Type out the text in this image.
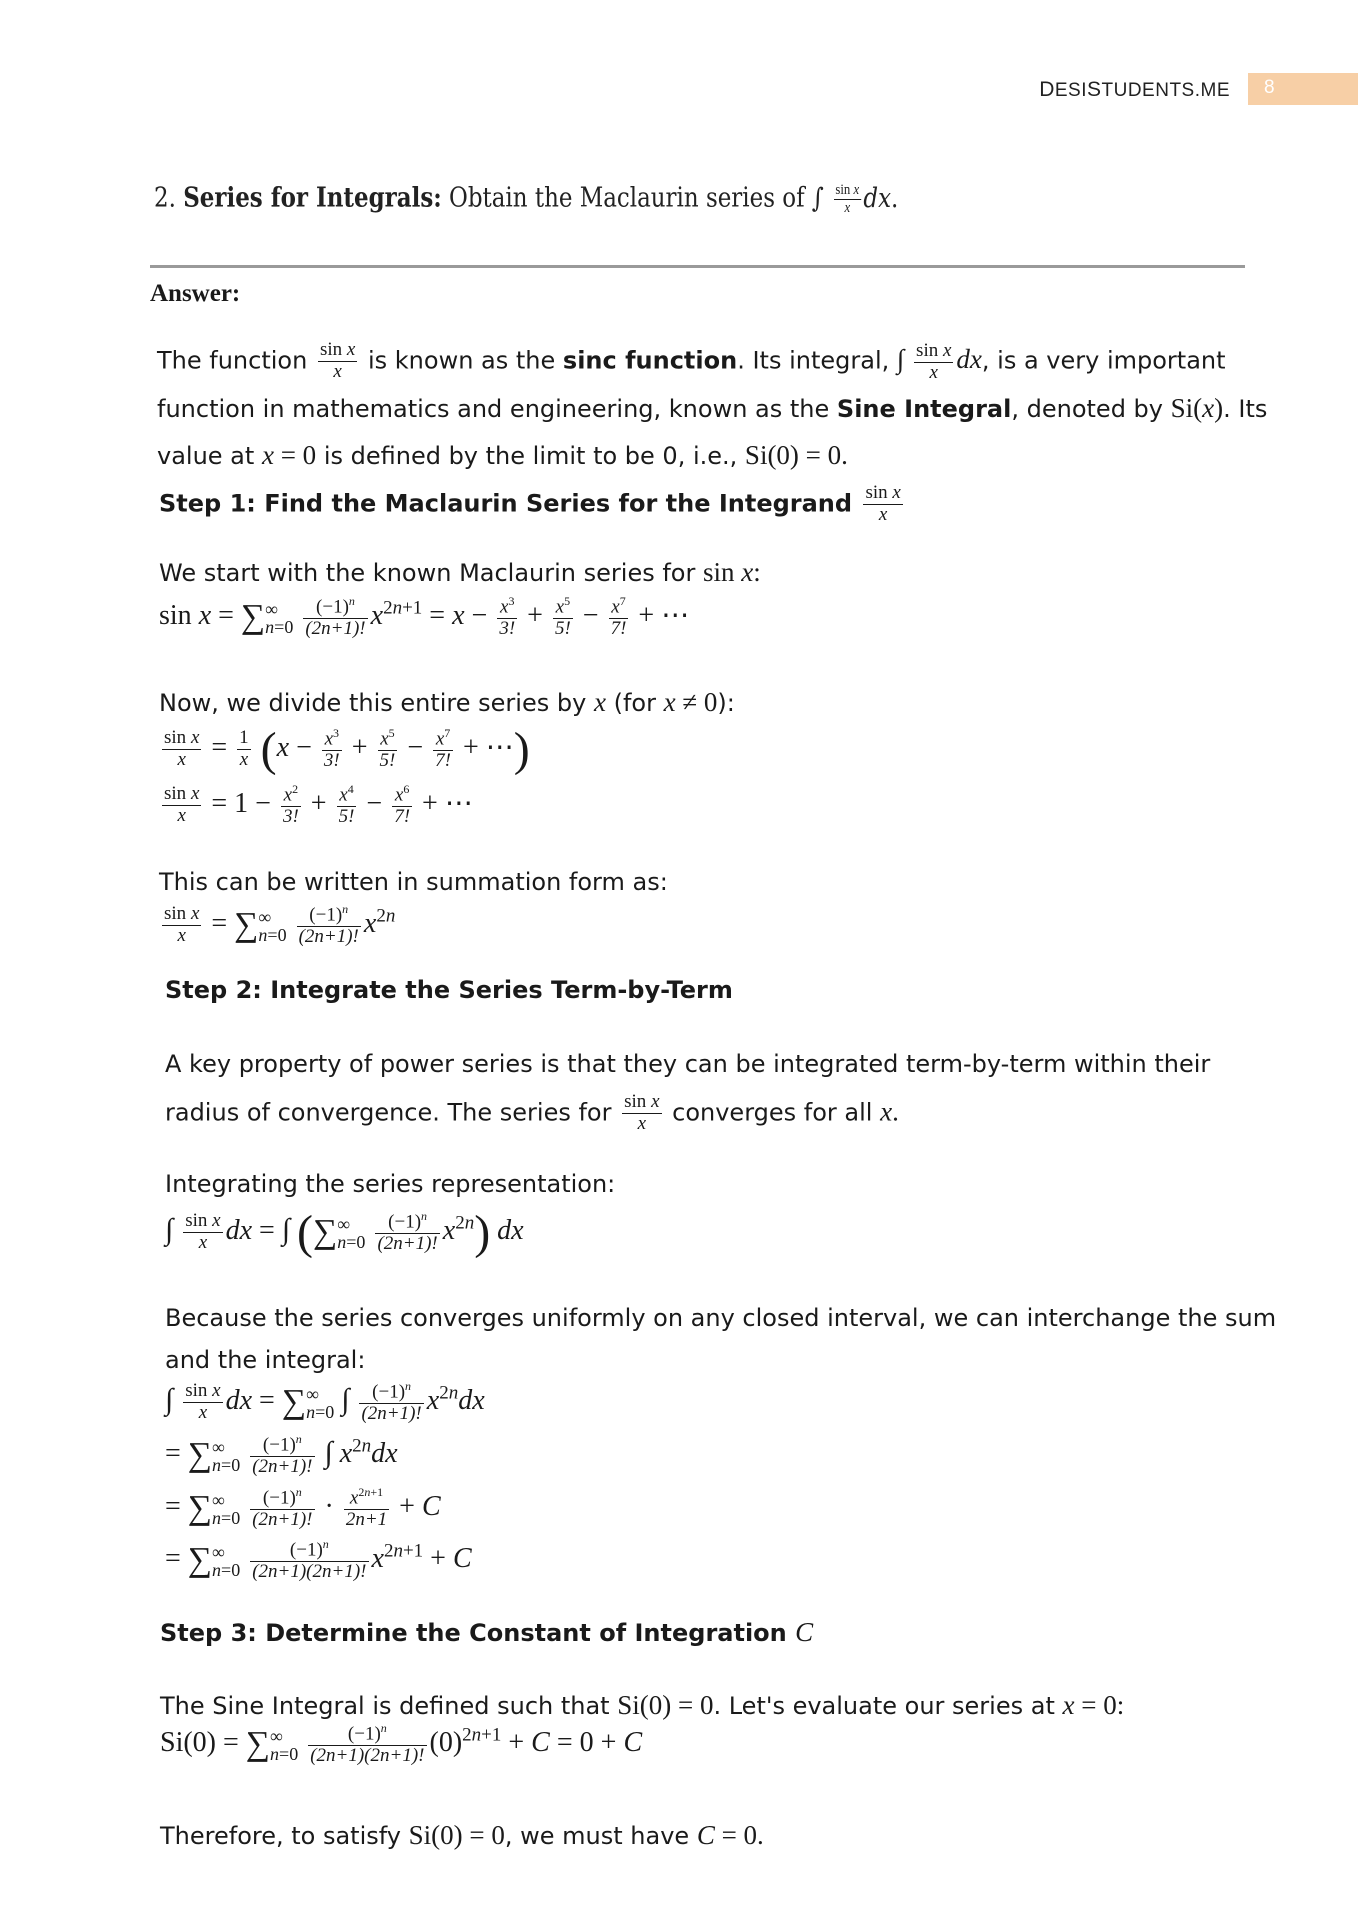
DESISTUDENTS.ME 8
2. Series for Integrals: Obtain the Maclaurin series of ∫ $\frac{\text{sin x}}{x}$ dx.
Answer:
The function $\frac{\text{sin x}}{x}$ is known as the sinc function. Its integral, ∫ $\frac{\text{sin x}}{x}$ dx, is a very important
function in mathematics and engineering, known as the Sine Integral, denoted by Si(x). Its
value at x = 0 is defined by the limit to be 0, i.e., Si(0) = 0.
Step 1: Find the Maclaurin Series for the Integrand $\frac{\text{sin x}}{x}$
We start with the known Maclaurin series for sin x:
sin x = ∑ ∞
n=0
$\frac{(-1)^n}{(2n+1)!} x^{2n+1} = x - \frac{x^3}{3!} + \frac{x^5}{5!} - \frac{x^7}{7!}$ + ⋯
Now, we divide this entire series by x (for x ≠ 0):
$\frac{\text{sin x}}{x} = \frac{1}{x} (x - \frac{x^3}{3!} + \frac{x^5}{5!} - \frac{x^7}{7!}$ + ⋯)
$\frac{\text{sin x}}{x} = 1 - \frac{x^2}{3!} + \frac{x^4}{5!} - \frac{x^6}{7!}$ + ⋯
This can be written in summation form as:
$\frac{\text{sin x}}{x}$ = ∑ ∞
n=0
$\frac{(-1)^n}{(2n+1)!} x^{2n}$
Step 2: Integrate the Series Term-by-Term
A key property of power series is that they can be integrated term-by-term within their
radius of convergence. The series for $\frac{\text{sin x}}{x}$ converges for all x.
Integrating the series representation:
∫ $\frac{\text{sin x}}{x}$ dx = ∫ (∑ ∞
n=0
$\frac{(-1)^n}{(2n+1)!} x^{2n}$) dx
Because the series converges uniformly on any closed interval, we can interchange the sum
and the integral:
∫ $\frac{\text{sin x}}{x}$ dx = ∑ ∞
n=0 ∫ $\frac{(-1)^n}{(2n+1)!} x^{2n}dx$
= ∑ ∞
n=0
$\frac{(-1)^n}{(2n+1)!}$ ∫ $x^{2n}dx$
= ∑ ∞
n=0
$\frac{(-1)^n}{(2n+1)!} \cdot \frac{x^{2n+1}}{2n+1} + C$
= ∑ ∞
n=0
$\frac{(-1)^n}{(2n+1)(2n+1)!} x^{2n+1} + C$
Step 3: Determine the Constant of Integration C
The Sine Integral is defined such that Si(0) = 0. Let's evaluate our series at x = 0:
Si(0) = ∑ ∞
n=0
$\frac{(-1)^n}{(2n+1)(2n+1)!} (0)^{2n+1} + C = 0 + C$
Therefore, to satisfy Si(0) = 0, we must have C = 0.
